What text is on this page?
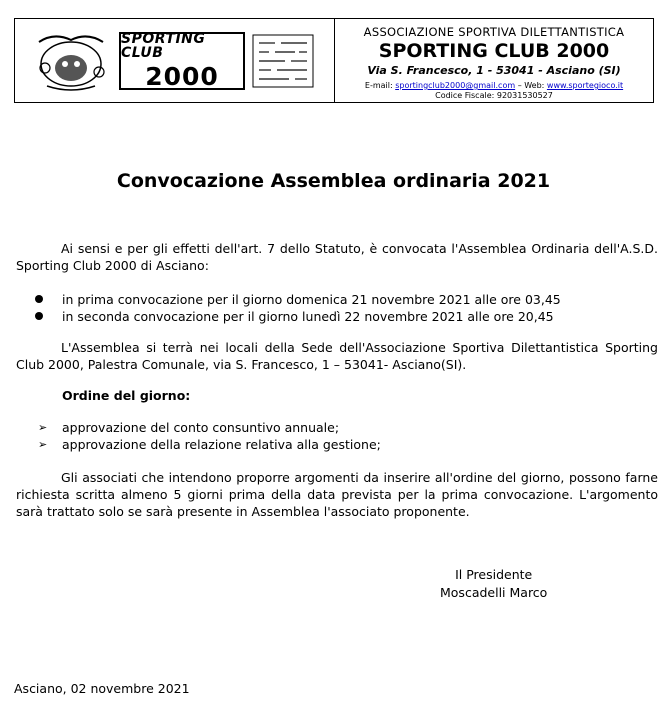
SPORTING CLUB
2000
ASSOCIAZIONE SPORTIVA DILETTANTISTICA
SPORTING CLUB 2000
Via S. Francesco, 1 - 53041 - Asciano (SI)
E-mail: sportingclub2000@gmail.com – Web: www.sportegioco.it
Codice Fiscale: 92031530527
Convocazione Assemblea ordinaria 2021

Ai sensi e per gli effetti dell'art. 7 dello Statuto, è convocata l'Assemblea Ordinaria dell'A.S.D. Sporting Club 2000 di Asciano:

in prima convocazione per il giorno domenica 21 novembre 2021 alle ore 03,45
in seconda convocazione per il giorno lunedì 22 novembre 2021 alle ore 20,45

L'Assemblea si terrà nei locali della Sede dell'Associazione Sportiva Dilettantistica Sporting Club 2000, Palestra Comunale, via S. Francesco, 1 – 53041- Asciano(SI).

Ordine del giorno:

➢ approvazione del conto consuntivo annuale;
➢ approvazione della relazione relativa alla gestione;

Gli associati che intendono proporre argomenti da inserire all'ordine del giorno, possono farne richiesta scritta almeno 5 giorni prima della data prevista per la prima convocazione. L'argomento sarà trattato solo se sarà presente in Assemblea l'associato proponente.

Il Presidente
Moscadelli Marco
Asciano, 02 novembre 2021
